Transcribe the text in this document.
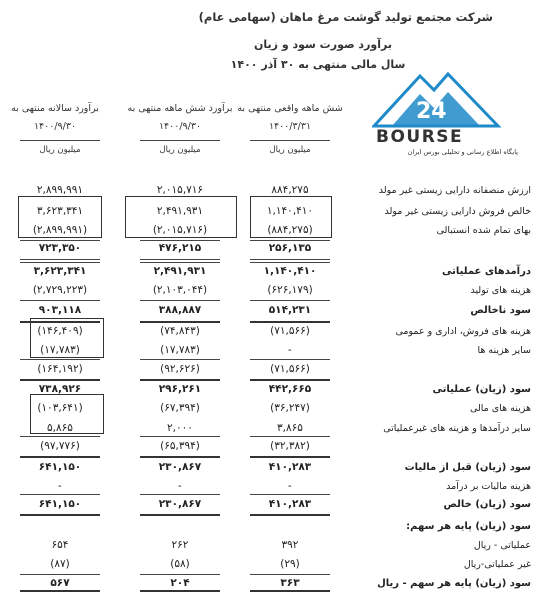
شرکت مجتمع تولید گوشت مرغ ماهان (سهامی عام)
برآورد صورت سود و زیان
سال مالی منتهی به ۳۰ آذر ۱۴۰۰
24
BOURSE
پایگاه اطلاع رسانی و تحلیلی بورس ایران
برآورد سالانه منتهی به ۱۴۰۰/۹/۳۰
برآورد شش ماهه منتهی به ۱۴۰۰/۹/۳۰
شش ماهه واقعی منتهی به ۱۴۰۰/۳/۳۱
میلیون ریال	میلیون ریال	میلیون ریال
ارزش منصفانه دارایی زیستی غیر مولد
۲,۸۹۹,۹۹۱	۲,۰۱۵,۷۱۶	۸۸۴,۲۷۵
خالص فروش دارایی زیستی غیر مولد
۳,۶۲۳,۳۴۱	۲,۴۹۱,۹۳۱	۱,۱۴۰,۴۱۰
بهای تمام شده انستبالی
(۲,۸۹۹,۹۹۱)	(۲,۰۱۵,۷۱۶)	(۸۸۴,۲۷۵)
۷۲۳,۳۵۰	۴۷۶,۲۱۵	۲۵۶,۱۳۵
درآمدهای عملیاتی
۳,۶۲۳,۳۴۱	۲,۴۹۱,۹۳۱	۱,۱۴۰,۴۱۰
هزینه های تولید
(۲,۷۲۹,۲۲۳)	(۲,۱۰۳,۰۴۴)	(۶۲۶,۱۷۹)
سود ناخالص
۹۰۳,۱۱۸	۳۸۸,۸۸۷	۵۱۴,۲۳۱
هزینه های فروش، اداری و عمومی
(۱۴۶,۴۰۹)	(۷۴,۸۴۳)	(۷۱,۵۶۶)
سایر هزینه ها
(۱۷,۷۸۳)	(۱۷,۷۸۳)	-
(۱۶۴,۱۹۲)	(۹۲,۶۲۶)	(۷۱,۵۶۶)
سود (زیان) عملیاتی
۷۳۸,۹۲۶	۲۹۶,۲۶۱	۴۴۲,۶۶۵
هزینه های مالی
(۱۰۳,۶۴۱)	(۶۷,۳۹۴)	(۳۶,۲۴۷)
سایر درآمدها و هزینه های غیرعملیاتی
۵,۸۶۵	۲,۰۰۰	۳,۸۶۵
(۹۷,۷۷۶)	(۶۵,۳۹۴)	(۳۲,۳۸۲)
سود (زیان) قبل از مالیات
۶۴۱,۱۵۰	۲۳۰,۸۶۷	۴۱۰,۲۸۳
هزینه مالیات بر درآمد
-	-	-
سود (زیان) خالص
۶۴۱,۱۵۰	۲۳۰,۸۶۷	۴۱۰,۲۸۳
سود (زیان) پایه هر سهم:
عملیاتی - ریال
۶۵۴	۲۶۲	۳۹۲
غیر عملیاتی-ریال
(۸۷)	(۵۸)	(۲۹)
سود (زیان) پایه هر سهم - ریال
۵۶۷	۲۰۴	۳۶۳
